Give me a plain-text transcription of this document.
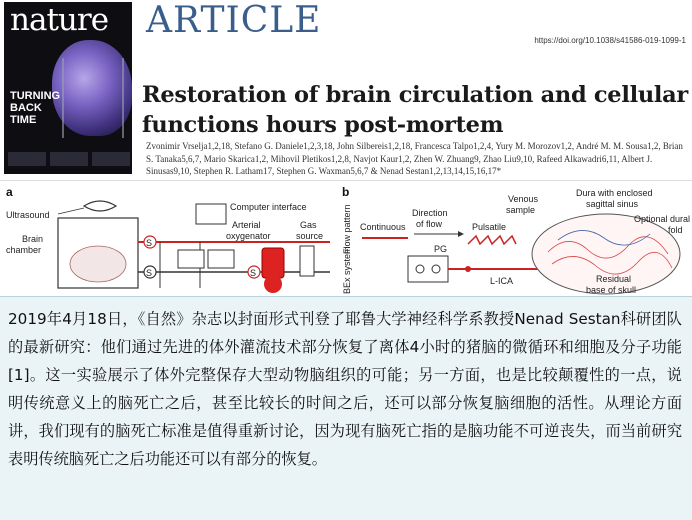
nature
TURNING BACK TIME
ARTICLE	https://doi.org/10.1038/s41586-019-1099-1
Restoration of brain circulation and cellular functions hours post-mortem
Zvonimir Vrselja1,2,18, Stefano G. Daniele1,2,3,18, John Silbereis1,2,18, Francesca Talpo1,2,4, Yury M. Morozov1,2, André M. M. Sousa1,2, Brian S. Tanaka5,6,7, Mario Skarica1,2, Mihovil Pletikos1,2,8, Navjot Kaur1,2, Zhen W. Zhuang9, Zhao Liu9,10, Rafeed Alkawadri6,11, Albert J. Sinusas9,10, Stephen R. Latham17, Stephen G. Waxman5,6,7 & Nenad Sestan1,2,13,14,15,16,17*
a
Ultrasound
Brain
chamber
Computer interface
Arterial
oxygenator
Gas
source
S
S	S
b
Flow pattern
BEx system
Continuous
Direction
of flow	Pulsatile
PG
L-ICA
Venous
sample
Dura with enclosed
sagittal sinus
Optional dural
fold
Residual
base of skull

2019年4月18日，《自然》杂志以封面形式刊登了耶鲁大学神经科学系教授Nenad Sestan科研团队的最新研究：他们通过先进的体外灌流技术部分恢复了离体4小时的猪脑的微循环和细胞及分子功能[1]。这一实验展示了体外完整保存大型动物脑组织的可能；另一方面，也是比较颠覆性的一点，说明传统意义上的脑死亡之后，甚至比较长的时间之后，还可以部分恢复脑细胞的活性。从理论方面讲，我们现有的脑死亡标准是值得重新讨论，因为现有脑死亡指的是脑功能不可逆丧失，而当前研究表明传统脑死亡之后功能还可以有部分的恢复。
